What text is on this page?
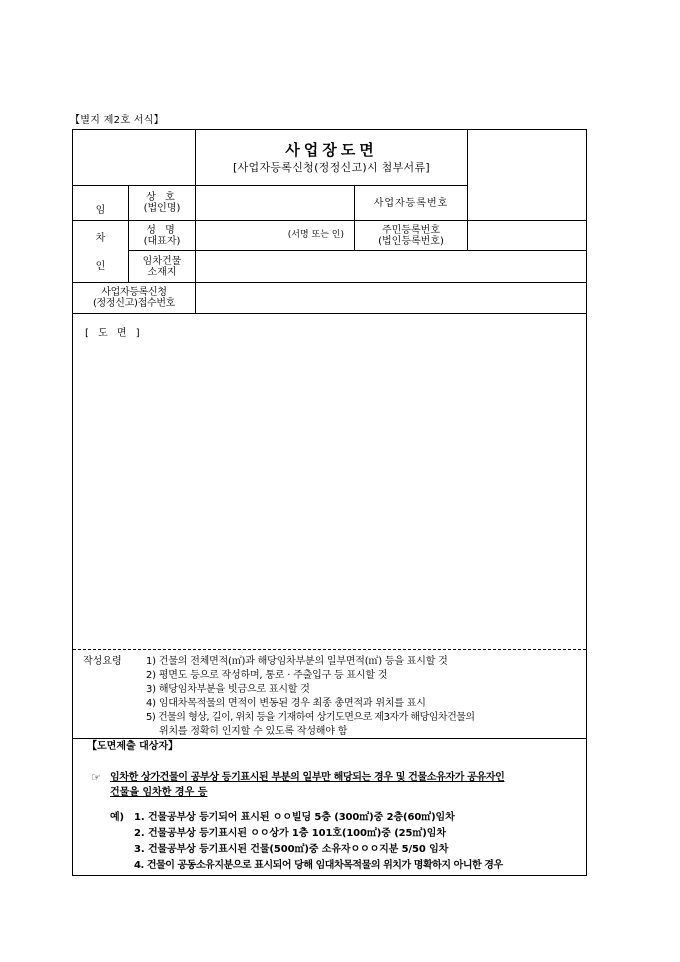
【별지 제2호 서식】
사업장도면
[사업자등록신청(정정신고)시 첨부서류]
임
차
인
상 호
(법인명)	사업자등록번호
성 명
(대표자)
(서명 또는 인)	주민등록번호
(법인등록번호)
임차건물
소재지
사업자등록신청
(정정신고)접수번호
[ 도 면 ]
작성요령 1) 건물의 전체면적(㎡)과 해당임차부분의 일부면적(㎡) 등을 표시할 것
2) 평면도 등으로 작성하며, 통로 · 주출입구 등 표시할 것
3) 해당임차부분을 빗금으로 표시할 것
4) 임대차목적물의 면적이 변동된 경우 최종 총면적과 위치를 표시
5) 건물의 형상, 길이, 위치 등을 기재하여 상기도면으로 제3자가 해당임차건물의
위치를 정확히 인지할 수 있도록 작성해야 함
【도면제출 대상자】
☞ 임차한 상가건물이 공부상 등기표시된 부분의 일부만 해당되는 경우 및 건물소유자가 공유자인
건물을 임차한 경우 등
예) 1. 건물공부상 등기되어 표시된 ㅇㅇ빌딩 5층 (300㎡)중 2층(60㎡)임차
2. 건물공부상 등기표시된 ㅇㅇ상가 1층 101호(100㎡)중 (25㎡)임차
3. 건물공부상 등기표시된 건물(500㎡)중 소유자ㅇㅇㅇ지분 5/50 임차
4. 건물이 공동소유지분으로 표시되어 당해 임대차목적물의 위치가 명확하지 아니한 경우
